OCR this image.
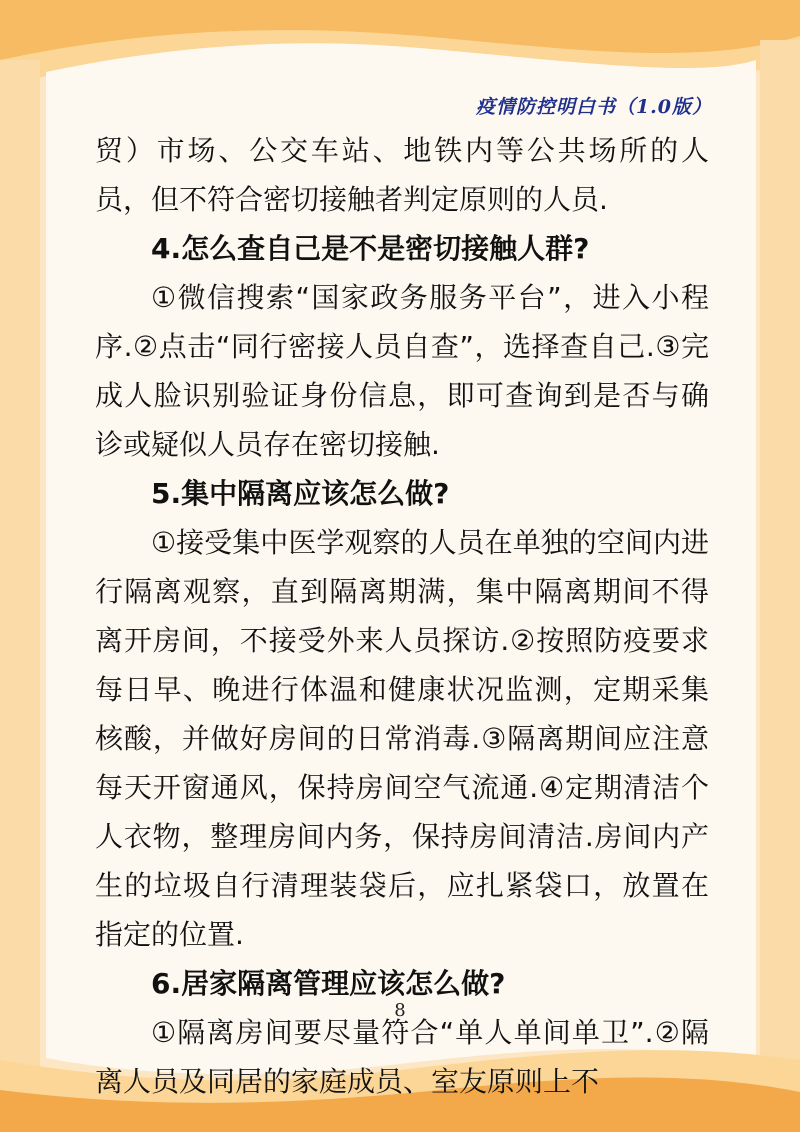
疫情防控明白书（1.0版）

贸）市场、公交车站、地铁内等公共场所的人员，但不符合密切接触者判定原则的人员.

4.怎么查自己是不是密切接触人群?

①微信搜索“国家政务服务平台”，进入小程序.②点击“同行密接人员自查”，选择查自己.③完成人脸识别验证身份信息，即可查询到是否与确诊或疑似人员存在密切接触.

5.集中隔离应该怎么做?

①接受集中医学观察的人员在单独的空间内进行隔离观察，直到隔离期满，集中隔离期间不得离开房间，不接受外来人员探访.②按照防疫要求每日早、晚进行体温和健康状况监测，定期采集核酸，并做好房间的日常消毒.③隔离期间应注意每天开窗通风，保持房间空气流通.④定期清洁个人衣物，整理房间内务，保持房间清洁.房间内产生的垃圾自行清理装袋后，应扎紧袋口，放置在指定的位置.

6.居家隔离管理应该怎么做?

①隔离房间要尽量符合“单人单间单卫”.②隔离人员及同居的家庭成员、室友原则上不

8
